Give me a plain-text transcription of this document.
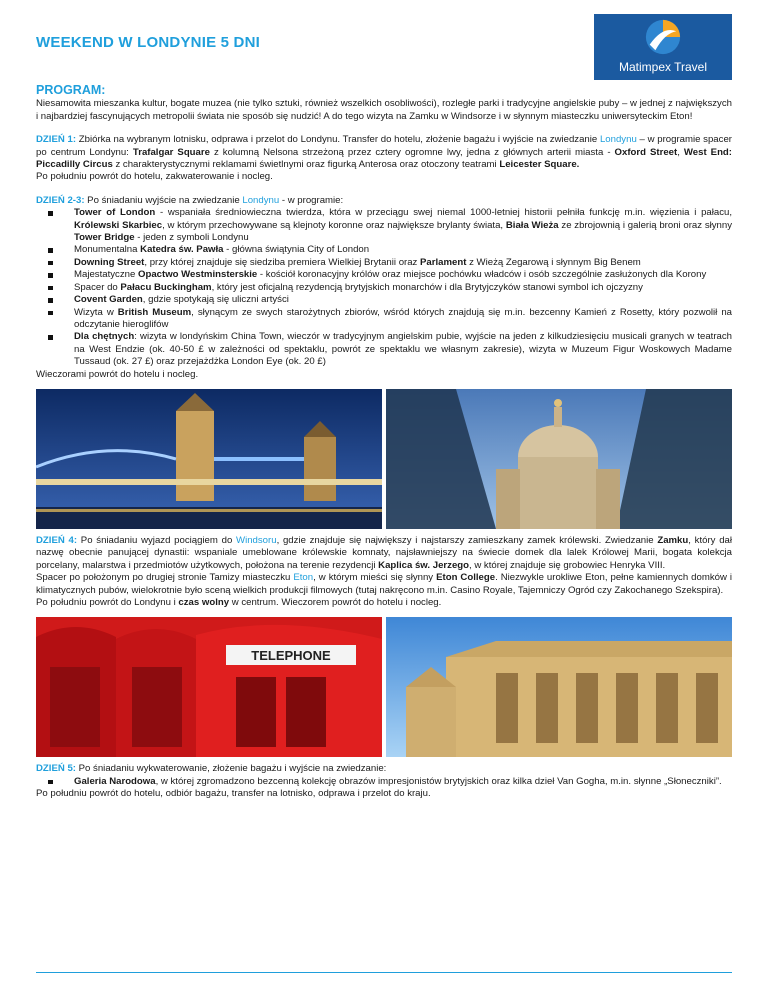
WEEKEND W LONDYNIE 5 DNI
Matimpex Travel
PROGRAM:

Niesamowita mieszanka kultur, bogate muzea (nie tylko sztuki, również wszelkich osobliwości), rozległe parki i tradycyjne angielskie puby – w jednej z największych i najbardziej fascynujących metropolii świata nie sposób się nudzić! A do tego wizyta na Zamku w Windsorze i w słynnym miasteczku uniwersyteckim Eton!

DZIEŃ 1: Zbiórka na wybranym lotnisku, odprawa i przelot do Londynu. Transfer do hotelu, złożenie bagażu i wyjście na zwiedzanie Londynu – w programie spacer po centrum Londynu: Trafalgar Square z kolumną Nelsona strzeżoną przez cztery ogromne lwy, jedna z głównych arterii miasta - Oxford Street, West End: Piccadilly Circus z charakterystycznymi reklamami świetlnymi oraz figurką Anterosa oraz otoczony teatrami Leicester Square.

Po południu powrót do hotelu, zakwaterowanie i nocleg.

DZIEŃ 2-3: Po śniadaniu wyjście na zwiedzanie Londynu - w programie:

Tower of London - wspaniała średniowieczna twierdza, która w przeciągu swej niemal 1000-letniej historii pełniła funkcję m.in. więzienia i pałacu, Królewski Skarbiec, w którym przechowywane są klejnoty koronne oraz największe brylanty świata, Biała Wieża ze zbrojownią i galerią broni oraz słynny Tower Bridge - jeden z symboli Londynu
Monumentalna Katedra św. Pawła - główna świątynia City of London
Downing Street, przy której znajduje się siedziba premiera Wielkiej Brytanii oraz Parlament z Wieżą Zegarową i słynnym Big Benem
Majestatyczne Opactwo Westminsterskie - kościół koronacyjny królów oraz miejsce pochówku władców i osób szczególnie zasłużonych dla Korony
Spacer do Pałacu Buckingham, który jest oficjalną rezydencją brytyjskich monarchów i dla Brytyjczyków stanowi symbol ich ojczyzny
Covent Garden, gdzie spotykają się uliczni artyści
Wizyta w British Museum, słynącym ze swych starożytnych zbiorów, wśród których znajdują się m.in. bezcenny Kamień z Rosetty, który pozwolił na odczytanie hieroglifów
Dla chętnych: wizyta w londyńskim China Town, wieczór w tradycyjnym angielskim pubie, wyjście na jeden z kilkudziesięciu musicali granych w teatrach na West Endzie (ok. 40-50 £ w zależności od spektaklu, powrót ze spektaklu we własnym zakresie), wizyta w Muzeum Figur Woskowych Madame Tussaud (ok. 27 £) oraz przejażdżka London Eye (ok. 20 £)

Wieczorami powrót do hotelu i nocleg.

DZIEŃ 4: Po śniadaniu wyjazd pociągiem do Windsoru, gdzie znajduje się największy i najstarszy zamieszkany zamek królewski. Zwiedzanie Zamku, który dał nazwę obecnie panującej dynastii: wspaniale umeblowane królewskie komnaty, najsławniejszy na świecie domek dla lalek Królowej Marii, bogata kolekcja porcelany, malarstwa i przedmiotów użytkowych, położona na terenie rezydencji Kaplica św. Jerzego, w której znajduje się grobowiec Henryka VIII.

Spacer po położonym po drugiej stronie Tamizy miasteczku Eton, w którym mieści się słynny Eton College. Niezwykle urokliwe Eton, pełne kamiennych domków i klimatycznych pubów, wielokrotnie było sceną wielkich produkcji filmowych (tutaj nakręcono m.in. Casino Royale, Tajemniczy Ogród czy Zakochanego Szekspira).

Po południu powrót do Londynu i czas wolny w centrum. Wieczorem powrót do hotelu i nocleg.

TELEPHONE

DZIEŃ 5: Po śniadaniu wykwaterowanie, złożenie bagażu i wyjście na zwiedzanie:

Galeria Narodowa, w której zgromadzono bezcenną kolekcję obrazów impresjonistów brytyjskich oraz kilka dzieł Van Gogha, m.in. słynne „Słoneczniki”.

Po południu powrót do hotelu, odbiór bagażu, transfer na lotnisko, odprawa i przelot do kraju.
